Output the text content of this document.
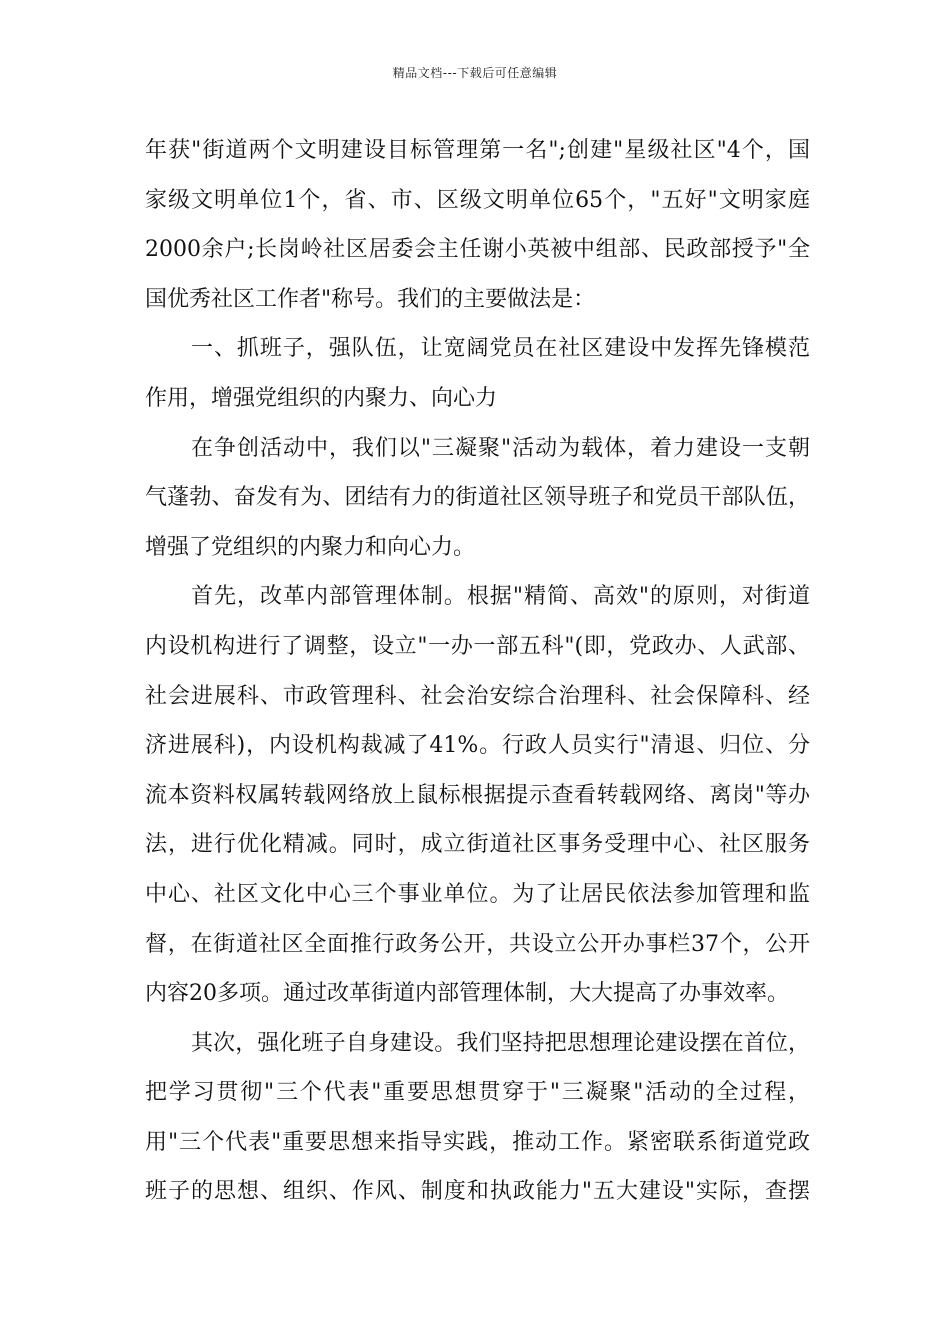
精品文档---下载后可任意编辑
年获"街道两个文明建设目标管理第一名";创建"星级社区"4个，国
家级文明单位1个，省、市、区级文明单位65个，"五好"文明家庭
2000余户;长岗岭社区居委会主任谢小英被中组部、民政部授予"全
国优秀社区工作者"称号。我们的主要做法是：
一、抓班子，强队伍，让宽阔党员在社区建设中发挥先锋模范
作用，增强党组织的内聚力、向心力
在争创活动中，我们以"三凝聚"活动为载体，着力建设一支朝
气蓬勃、奋发有为、团结有力的街道社区领导班子和党员干部队伍，
增强了党组织的内聚力和向心力。
首先，改革内部管理体制。根据"精简、高效"的原则，对街道
内设机构进行了调整，设立"一办一部五科"(即，党政办、人武部、
社会进展科、市政管理科、社会治安综合治理科、社会保障科、经
济进展科)，内设机构裁减了41%。行政人员实行"清退、归位、分
流本资料权属转载网络放上鼠标根据提示查看转载网络、离岗"等办
法，进行优化精减。同时，成立街道社区事务受理中心、社区服务
中心、社区文化中心三个事业单位。为了让居民依法参加管理和监
督，在街道社区全面推行政务公开，共设立公开办事栏37个，公开
内容20多项。通过改革街道内部管理体制，大大提高了办事效率。
其次，强化班子自身建设。我们坚持把思想理论建设摆在首位，
把学习贯彻"三个代表"重要思想贯穿于"三凝聚"活动的全过程，
用"三个代表"重要思想来指导实践，推动工作。紧密联系街道党政
班子的思想、组织、作风、制度和执政能力"五大建设"实际，查摆
